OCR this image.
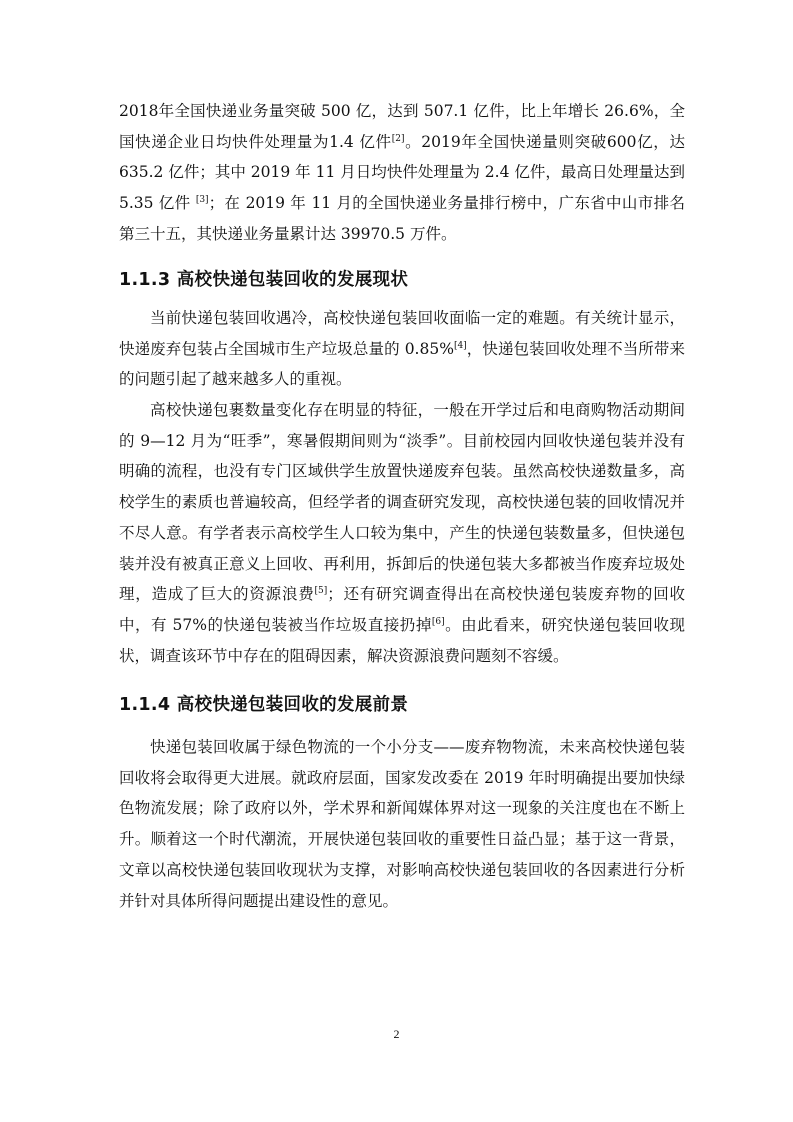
2018年全国快递业务量突破 500 亿，达到 507.1 亿件，比上年增长 26.6%，全国快递企业日均快件处理量为1.4 亿件[2]。2019年全国快递量则突破600亿，达 635.2 亿件；其中 2019 年 11 月日均快件处理量为 2.4 亿件，最高日处理量达到 5.35 亿件 [3]；在 2019 年 11 月的全国快递业务量排行榜中，广东省中山市排名第三十五，其快递业务量累计达 39970.5 万件。

1.1.3 高校快递包装回收的发展现状

当前快递包装回收遇冷，高校快递包装回收面临一定的难题。有关统计显示，快递废弃包装占全国城市生产垃圾总量的 0.85%[4]，快递包装回收处理不当所带来的问题引起了越来越多人的重视。

高校快递包裹数量变化存在明显的特征，一般在开学过后和电商购物活动期间的 9—12 月为“旺季”，寒暑假期间则为“淡季”。目前校园内回收快递包装并没有明确的流程，也没有专门区域供学生放置快递废弃包装。虽然高校快递数量多，高校学生的素质也普遍较高，但经学者的调查研究发现，高校快递包装的回收情况并不尽人意。有学者表示高校学生人口较为集中，产生的快递包装数量多，但快递包装并没有被真正意义上回收、再利用，拆卸后的快递包装大多都被当作废弃垃圾处理，造成了巨大的资源浪费[5]；还有研究调查得出在高校快递包装废弃物的回收中，有 57%的快递包装被当作垃圾直接扔掉[6]。由此看来，研究快递包装回收现状，调查该环节中存在的阻碍因素，解决资源浪费问题刻不容缓。

1.1.4 高校快递包装回收的发展前景

快递包装回收属于绿色物流的一个小分支——废弃物物流，未来高校快递包装回收将会取得更大进展。就政府层面，国家发改委在 2019 年时明确提出要加快绿色物流发展；除了政府以外，学术界和新闻媒体界对这一现象的关注度也在不断上升。顺着这一个时代潮流，开展快递包装回收的重要性日益凸显；基于这一背景，文章以高校快递包装回收现状为支撑，对影响高校快递包装回收的各因素进行分析并针对具体所得问题提出建设性的意见。

2
